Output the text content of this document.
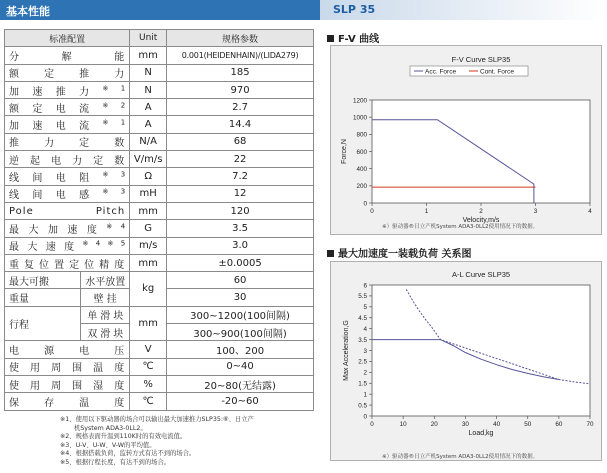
基本性能	SLP 35
标准配置		Unit	规格参数
分 解 能		mm	0.001(HEIDENHAIN)/(LIDA279)
额定推力		N	185
加速推力$^{※1}$		N	970
额定电流$^{※2}$		A	2.7
加速电流$^{※1}$		A	14.4
推力定数		N/A	68
逆起电力定数		V/m/s	22
线间电阻$^{※3}$		Ω	7.2
线间电感$^{※3}$		mH	12
Pole Pitch		mm	120
最大加速度$^{※4}$		G	3.5
最大速度$^{※4※5}$		m/s	3.0
重复位置定位精度		mm	±0.0005
最大可搬	水平放置	kg	60
重量	壁 挂		30
行程	单滑块	mm	300~1200(100间隔)
	双滑块		300~900(100间隔)
电源电压		V	100、200
使用周围温度		℃	0~40
使用周围湿度		%	20~80(无结露)
保存温度		℃	-20~60
※1、使用以下驱动器的场合可以输出最大加速推力SLP35:⑥、日立产
机System ADA3-0LL2。
※2、规格表面升温到110K时的有效电流值。
※3、U-V、U-W、V-W的平均值。
※4、根据搭载负荷，监转方式有达不到的场合。
※5、根据行程长度，有达不到的场合。
F-V 曲线
F-V Curve SLP35
0
200
400
600
800
1000
1200
0	1	2	3	4
Velocity,m/s
Force,N
Acc. Force	Cont. Force
※）驱动器®日立产机System ADA3-0LL2使用情况下的数据。
最大加速度一装载负荷 关系图
A-L Curve SLP35
0
0.5
1
1.5
2
2.5
3
3.5
4
4.5
5
5.5
6
0	10	20	30	40	50	60	70
Load,kg
Max Acceleration,G
※）驱动器®日立产机System ADA3-0LL2使用情况下的数据。
